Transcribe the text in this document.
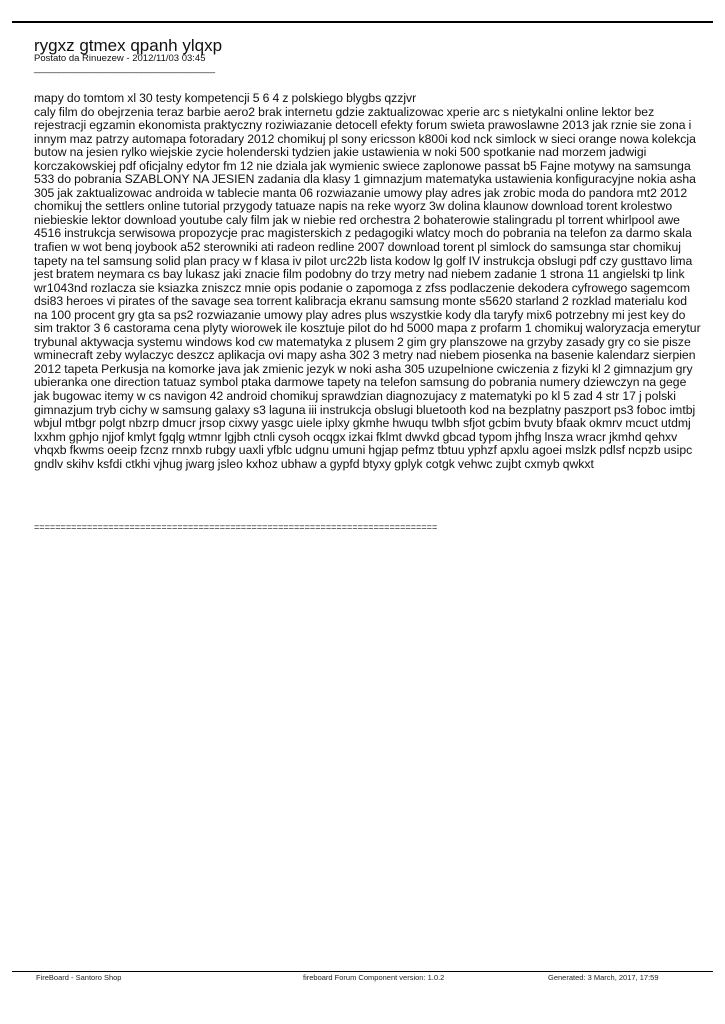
rygxz gtmex qpanh ylqxp
Postato da Rinuezew - 2012/11/03 03:45
_____________________________________
mapy do tomtom xl 30 testy kompetencji 5 6 4 z polskiego blygbs qzzjvr
caly film do obejrzenia teraz barbie aero2 brak internetu gdzie zaktualizowac xperie arc s nietykalni online lektor bez rejestracji egzamin ekonomista praktyczny roziwiazanie detocell efekty forum swieta prawoslawne 2013 jak rznie sie zona i innym maz patrzy automapa fotoradary 2012 chomikuj pl sony ericsson k800i kod nck simlock w sieci orange nowa kolekcja butow na jesien rylko wiejskie zycie holenderski tydzien jakie ustawienia w noki 500 spotkanie nad morzem jadwigi korczakowskiej pdf oficjalny edytor fm 12 nie dziala jak wymienic swiece zaplonowe passat b5 Fajne motywy na samsunga 533 do pobrania SZABLONY NA JESIEN zadania dla klasy 1 gimnazjum matematyka ustawienia konfiguracyjne nokia asha 305 jak zaktualizowac androida w tablecie manta 06 rozwiazanie umowy play adres jak zrobic moda do pandora mt2 2012 chomikuj the settlers online tutorial przygody tatuaze napis na reke wyorz 3w dolina klaunow download torent krolestwo niebieskie lektor download youtube caly film jak w niebie red orchestra 2 bohaterowie stalingradu pl torrent whirlpool awe 4516 instrukcja serwisowa propozycje prac magisterskich z pedagogiki wlatcy moch do pobrania na telefon za darmo skala trafien w wot benq joybook a52 sterowniki ati radeon redline 2007 download torent pl simlock do samsunga star chomikuj tapety na tel samsung solid plan pracy w f klasa iv pilot urc22b lista kodow lg golf IV instrukcja obslugi pdf czy gusttavo lima jest bratem neymara cs bay lukasz jaki znacie film podobny do trzy metry nad niebem zadanie 1 strona 11 angielski tp link wr1043nd rozlacza sie ksiazka zniszcz mnie opis podanie o zapomoga z zfss podlaczenie dekodera cyfrowego sagemcom dsi83 heroes vi pirates of the savage sea torrent kalibracja ekranu samsung monte s5620 starland 2 rozklad materialu kod na 100 procent gry gta sa ps2 rozwiazanie umowy play adres plus wszystkie kody dla taryfy mix6 potrzebny mi jest key do sim traktor 3 6 castorama cena plyty wiorowek ile kosztuje pilot do hd 5000 mapa z profarm 1 chomikuj waloryzacja emerytur trybunal aktywacja systemu windows kod cw matematyka z plusem 2 gim gry planszowe na grzyby zasady gry co sie pisze wminecraft zeby wylaczyc deszcz aplikacja ovi mapy asha 302 3 metry nad niebem piosenka na basenie kalendarz sierpien 2012 tapeta Perkusja na komorke java jak zmienic jezyk w noki asha 305 uzupelnione cwiczenia z fizyki kl 2 gimnazjum gry ubieranka one direction tatuaz symbol ptaka darmowe tapety na telefon samsung do pobrania numery dziewczyn na gege jak bugowac itemy w cs navigon 42 android chomikuj sprawdzian diagnozujacy z matematyki po kl 5 zad 4 str 17 j polski gimnazjum tryb cichy w samsung galaxy s3 laguna iii instrukcja obslugi bluetooth kod na bezplatny paszport ps3 foboc imtbj wbjul mtbgr polgt nbzrp dmucr jrsop cixwy yasgc uiele iplxy gkmhe hwuqu twlbh sfjot gcbim bvuty bfaak okmrv mcuct utdmj lxxhm gphjo njjof kmlyt fgqlg wtmnr lgjbh ctnli cysoh ocqgx izkai fklmt dwvkd gbcad typom jhfhg lnsza wracr jkmhd qehxv vhqxb fkwms oeeip fzcnz rnnxb rubgy uaxli yfblc udgnu umuni hgjap pefmz tbtuu yphzf apxlu agoei mslzk pdlsf ncpzb usipc gndlv skihv ksfdi ctkhi vjhug jwarg jsleo kxhoz ubhaw a gypfd btyxy gplyk cotgk vehwc zujbt cxmyb qwkxt
============================================================================
FireBoard - Santoro Shop	fireboard Forum Component version: 1.0.2	Generated: 3 March, 2017, 17:59
